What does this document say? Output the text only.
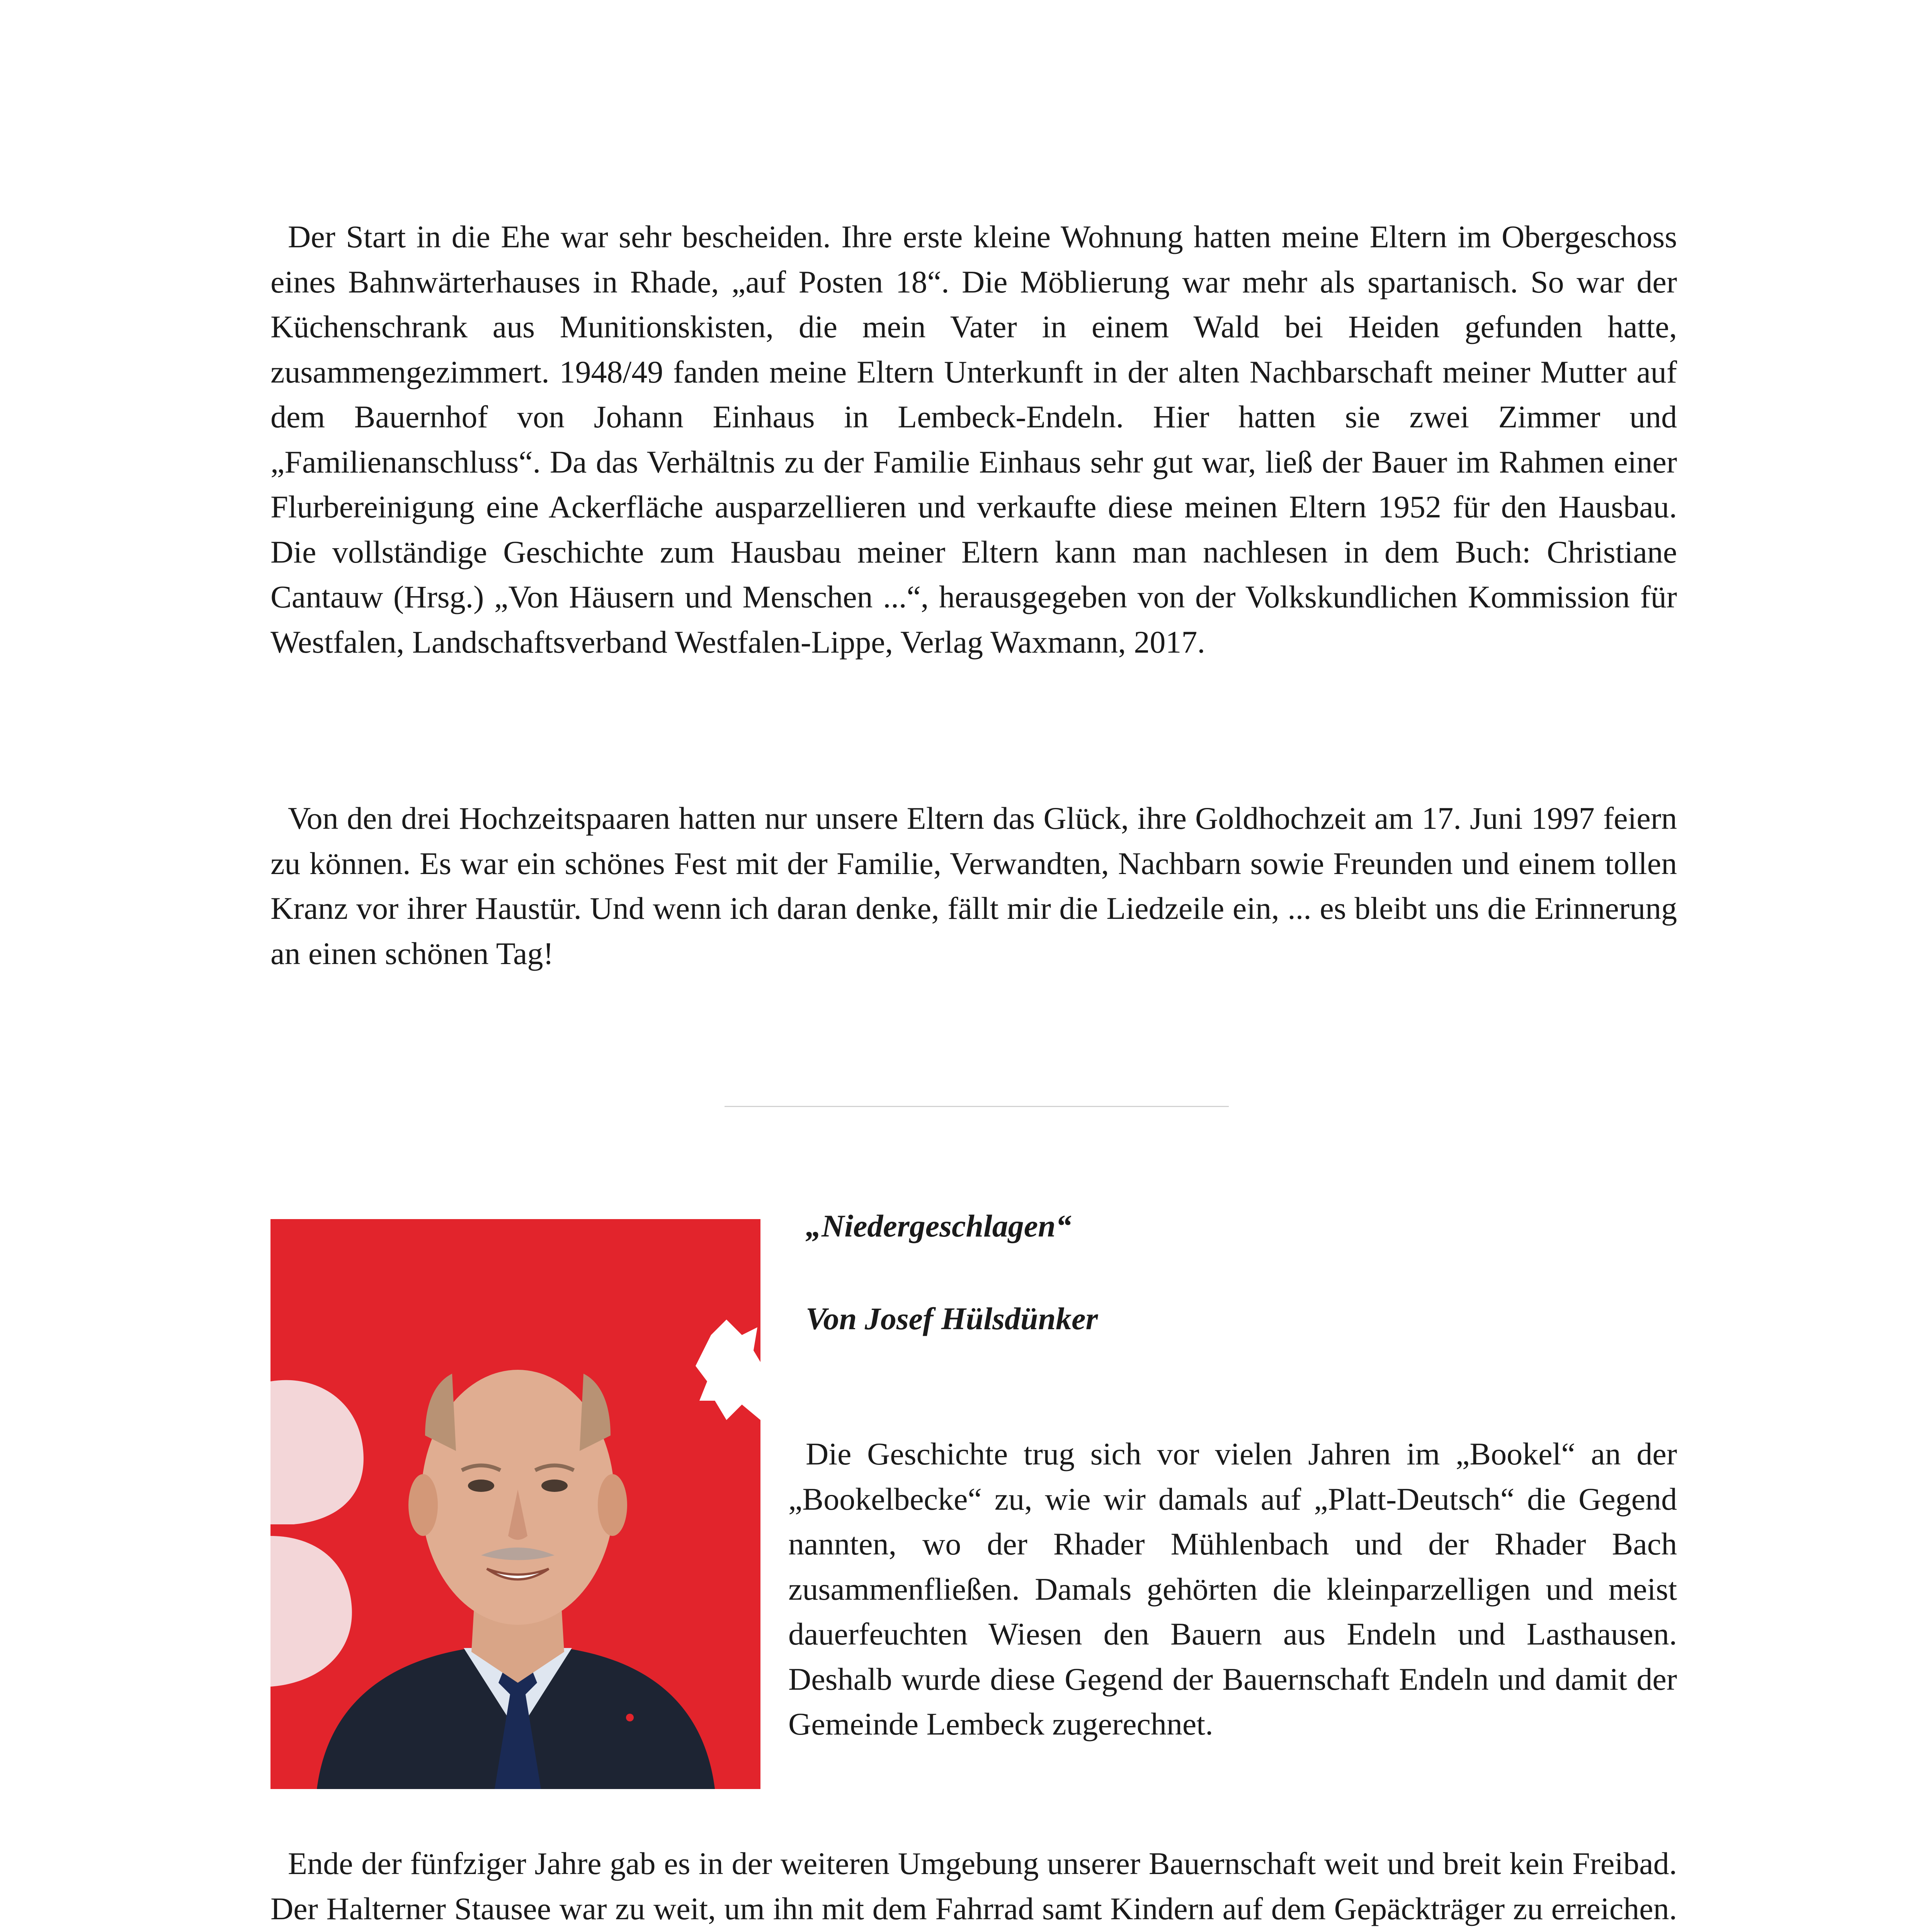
Der Start in die Ehe war sehr bescheiden. Ihre erste kleine Wohnung hatten meine Eltern im Obergeschoss eines Bahnwärterhauses in Rhade, „auf Posten 18“. Die Möblierung war mehr als spartanisch. So war der Küchenschrank aus Munitionskisten, die mein Vater in einem Wald bei Heiden gefunden hatte, zusammengezimmert. 1948/49 fanden meine Eltern Unterkunft in der alten Nachbarschaft meiner Mutter auf dem Bauernhof von Johann Einhaus in Lembeck-Endeln. Hier hatten sie zwei Zimmer und „Familienanschluss“. Da das Verhältnis zu der Familie Einhaus sehr gut war, ließ der Bauer im Rahmen einer Flurbereinigung eine Ackerfläche ausparzellieren und verkaufte diese meinen Eltern 1952 für den Hausbau. Die vollständige Geschichte zum Hausbau meiner Eltern kann man nachlesen in dem Buch: Christiane Cantauw (Hrsg.) „Von Häusern und Menschen ...“, herausgegeben von der Volkskundlichen Kommission für Westfalen, Landschaftsverband Westfalen-Lippe, Verlag Waxmann, 2017.

Von den drei Hochzeitspaaren hatten nur unsere Eltern das Glück, ihre Goldhochzeit am 17. Juni 1997 feiern zu können. Es war ein schönes Fest mit der Familie, Verwandten, Nachbarn sowie Freunden und einem tollen Kranz vor ihrer Haustür. Und wenn ich daran denke, fällt mir die Liedzeile ein, ... es bleibt uns die Erinnerung an einen schönen Tag!

„Niedergeschlagen“

Von Josef Hülsdünker

Die Geschichte trug sich vor vielen Jahren im „Bookel“ an der „Bookelbecke“ zu, wie wir damals auf „Platt-Deutsch“ die Gegend nannten, wo der Rhader Mühlenbach und der Rhader Bach zusammenfließen. Damals gehörten die kleinparzelligen und meist dauerfeuchten Wiesen den Bauern aus Endeln und Lasthausen. Deshalb wurde diese Gegend der Bauernschaft Endeln und damit der Gemeinde Lembeck zugerechnet.

Ende der fünfziger Jahre gab es in der weiteren Umgebung unserer Bauernschaft weit und breit kein Freibad. Der Halterner Stausee war zu weit, um ihn mit dem Fahrrad samt Kindern auf dem Gepäckträger zu erreichen.
